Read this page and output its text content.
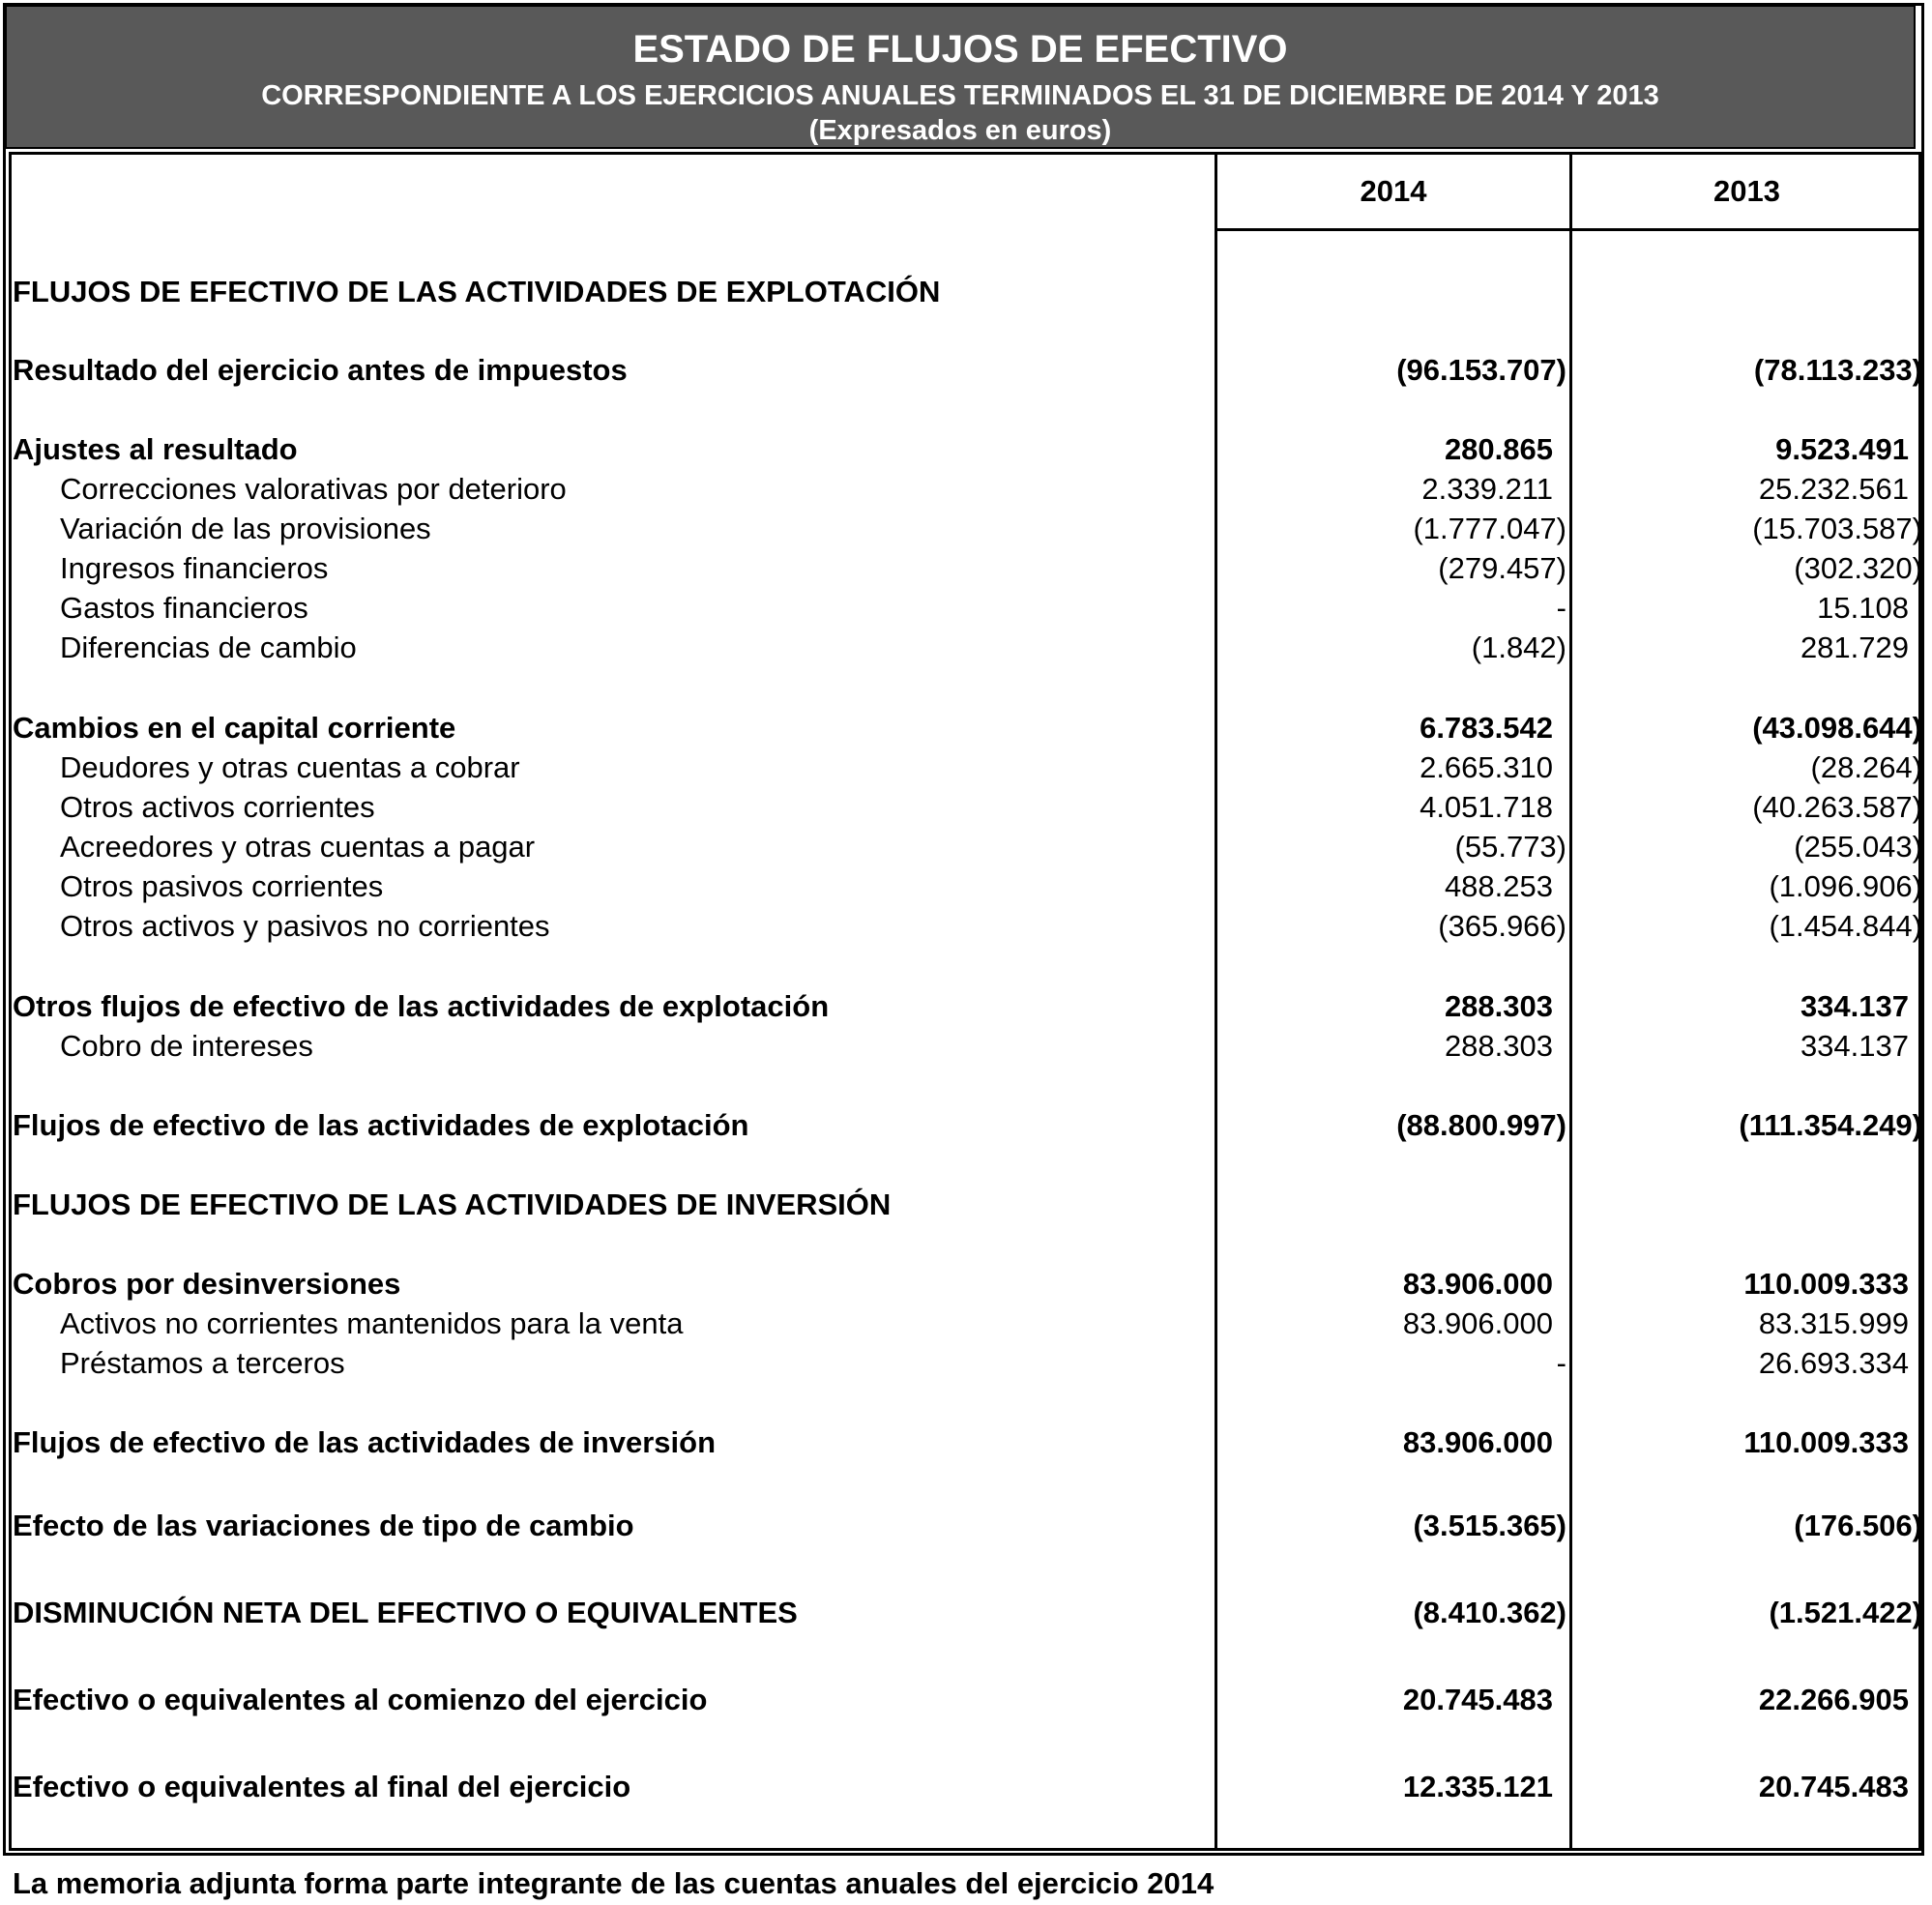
ESTADO DE FLUJOS DE EFECTIVO
CORRESPONDIENTE A LOS EJERCICIOS ANUALES TERMINADOS EL 31 DE DICIEMBRE DE 2014 Y 2013
(Expresados en euros)
2014	2013
FLUJOS DE EFECTIVO DE LAS ACTIVIDADES DE EXPLOTACIÓN
Resultado del ejercicio antes de impuestos	(96.153.707)	(78.113.233)
Ajustes al resultado	280.865	9.523.491
Correcciones valorativas por deterioro	2.339.211	25.232.561
Variación de las provisiones	(1.777.047)	(15.703.587)
Ingresos financieros	(279.457)	(302.320)
Gastos financieros	-	15.108
Diferencias de cambio	(1.842)	281.729
Cambios en el capital corriente	6.783.542	(43.098.644)
Deudores y otras cuentas a cobrar	2.665.310	(28.264)
Otros activos corrientes	4.051.718	(40.263.587)
Acreedores y otras cuentas a pagar	(55.773)	(255.043)
Otros pasivos corrientes	488.253	(1.096.906)
Otros activos y pasivos no corrientes	(365.966)	(1.454.844)
Otros flujos de efectivo de las actividades de explotación	288.303	334.137
Cobro de intereses	288.303	334.137
Flujos de efectivo de las actividades de explotación	(88.800.997)	(111.354.249)
FLUJOS DE EFECTIVO DE LAS ACTIVIDADES DE INVERSIÓN
Cobros por desinversiones	83.906.000	110.009.333
Activos no corrientes mantenidos para la venta	83.906.000	83.315.999
Préstamos a terceros	-	26.693.334
Flujos de efectivo de las actividades de inversión	83.906.000	110.009.333
Efecto de las variaciones de tipo de cambio	(3.515.365)	(176.506)
DISMINUCIÓN NETA DEL EFECTIVO O EQUIVALENTES	(8.410.362)	(1.521.422)
Efectivo o equivalentes al comienzo del ejercicio	20.745.483	22.266.905
Efectivo o equivalentes al final del ejercicio	12.335.121	20.745.483
La memoria adjunta forma parte integrante de las cuentas anuales del ejercicio 2014
